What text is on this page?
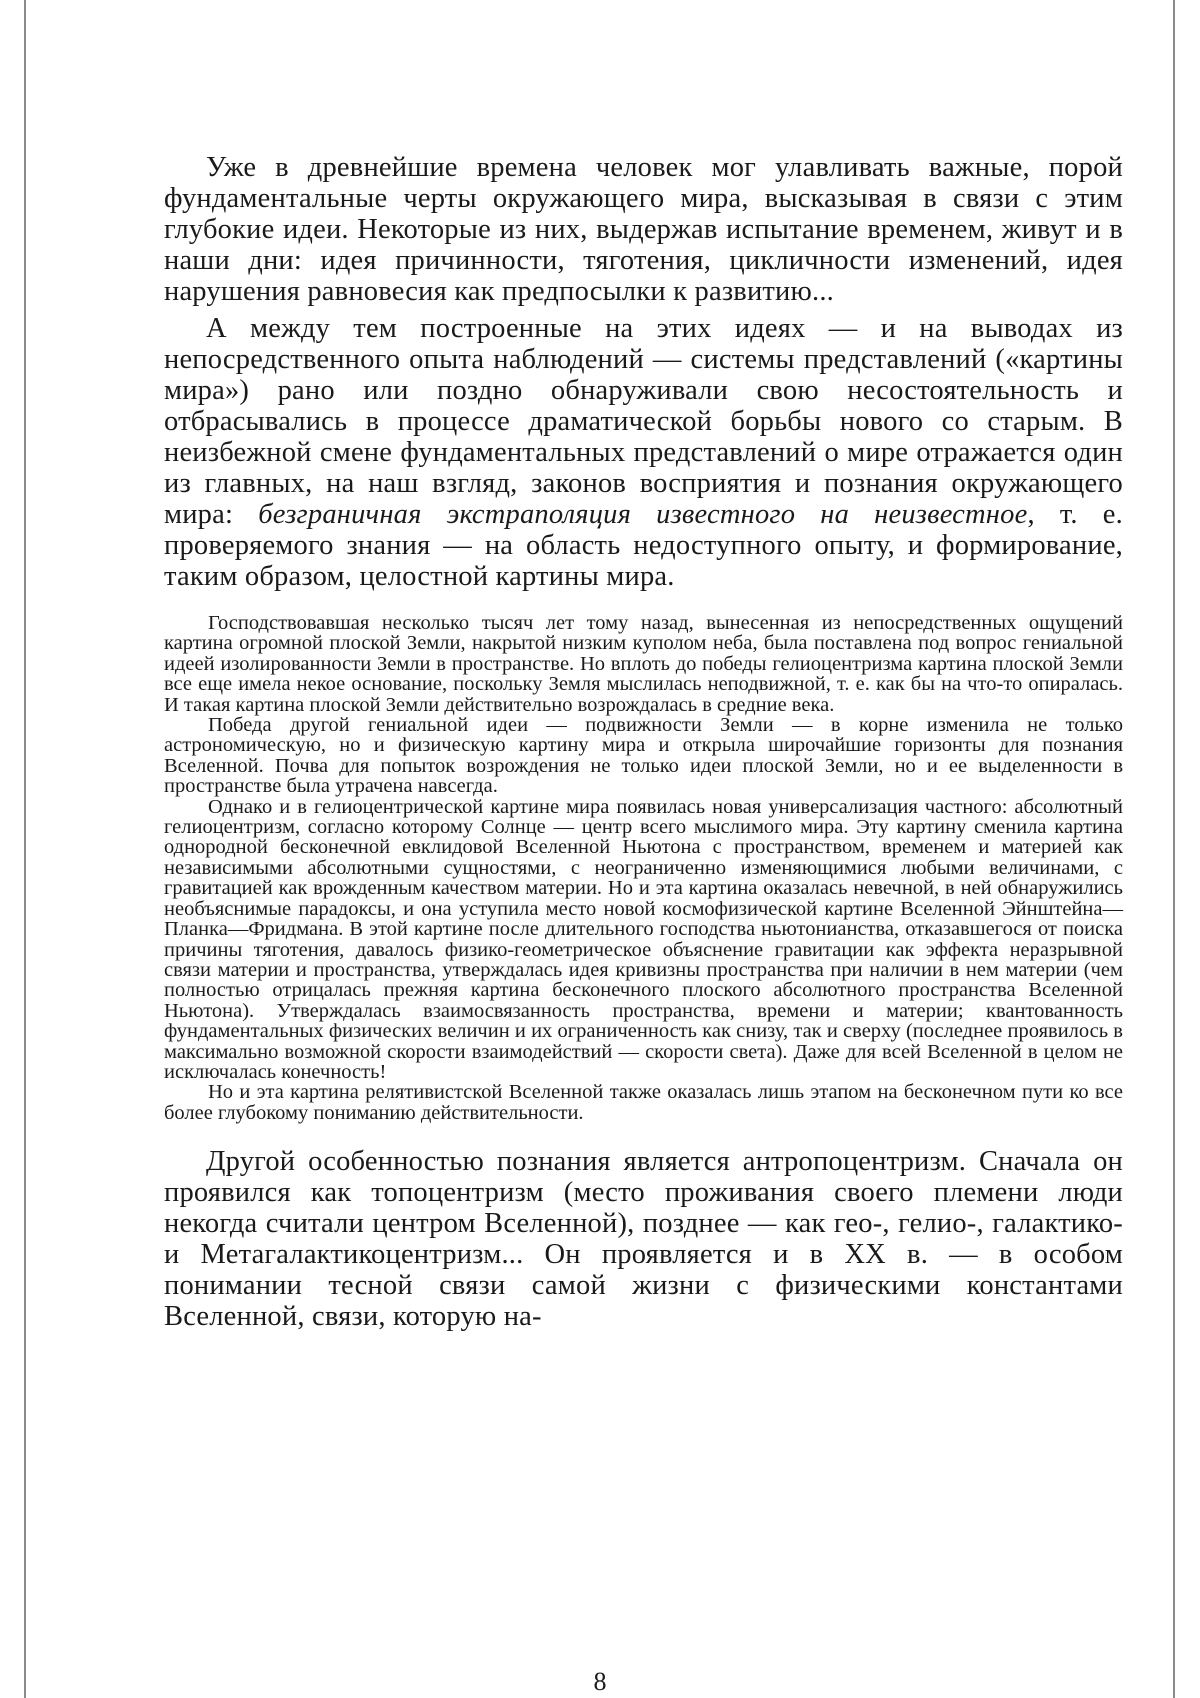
Уже в древнейшие времена человек мог улавливать важные, порой фундаментальные черты окружающего мира, высказывая в связи с этим глубокие идеи. Некоторые из них, выдержав испытание временем, живут и в наши дни: идея причинности, тяготения, цикличности изменений, идея нарушения равновесия как предпосылки к развитию...

А между тем построенные на этих идеях — и на выводах из непосредственного опыта наблюдений — системы представлений («картины мира») рано или поздно обнаруживали свою несостоятельность и отбрасывались в процессе драматической борьбы нового со старым. В неизбежной смене фундаментальных представлений о мире отражается один из главных, на наш взгляд, законов восприятия и познания окружающего мира: безграничная экстраполяция известного на неизвестное, т. е. проверяемого знания — на область недоступного опыту, и формирование, таким образом, целостной картины мира.

Господствовавшая несколько тысяч лет тому назад, вынесенная из непосредственных ощущений картина огромной плоской Земли, накрытой низким куполом неба, была поставлена под вопрос гениальной идеей изолированности Земли в пространстве. Но вплоть до победы гелиоцентризма картина плоской Земли все еще имела некое основание, поскольку Земля мыслилась неподвижной, т. е. как бы на что-то опиралась. И такая картина плоской Земли действительно возрождалась в средние века.

Победа другой гениальной идеи — подвижности Земли — в корне изменила не только астрономическую, но и физическую картину мира и открыла широчайшие горизонты для познания Вселенной. Почва для попыток возрождения не только идеи плоской Земли, но и ее выделенности в пространстве была утрачена навсегда.

Однако и в гелиоцентрической картине мира появилась новая универсализация частного: абсолютный гелиоцентризм, согласно которому Солнце — центр всего мыслимого мира. Эту картину сменила картина однородной бесконечной евклидовой Вселенной Ньютона с пространством, временем и материей как независимыми абсолютными сущностями, с неограниченно изменяющимися любыми величинами, с гравитацией как врожденным качеством материи. Но и эта картина оказалась невечной, в ней обнаружились необъяснимые парадоксы, и она уступила место новой космофизической картине Вселенной Эйнштейна—Планка—Фридмана. В этой картине после длительного господства ньютонианства, отказавшегося от поиска причины тяготения, давалось физико-геометрическое объяснение гравитации как эффекта неразрывной связи материи и пространства, утверждалась идея кривизны пространства при наличии в нем материи (чем полностью отрицалась прежняя картина бесконечного плоского абсолютного пространства Вселенной Ньютона). Утверждалась взаимосвязанность пространства, времени и материи; квантованность фундаментальных физических величин и их ограниченность как снизу, так и сверху (последнее проявилось в максимально возможной скорости взаимодействий — скорости света). Даже для всей Вселенной в целом не исключалась конечность!

Но и эта картина релятивистской Вселенной также оказалась лишь этапом на бесконечном пути ко все более глубокому пониманию действительности.

Другой особенностью познания является антропоцентризм. Сначала он проявился как топоцентризм (место проживания своего племени люди некогда считали центром Вселенной), позднее — как гео-, гелио-, галактико- и Метагалактикоцентризм... Он проявляется и в XX в. — в особом понимании тесной связи самой жизни с физическими константами Вселенной, связи, которую на-

8
